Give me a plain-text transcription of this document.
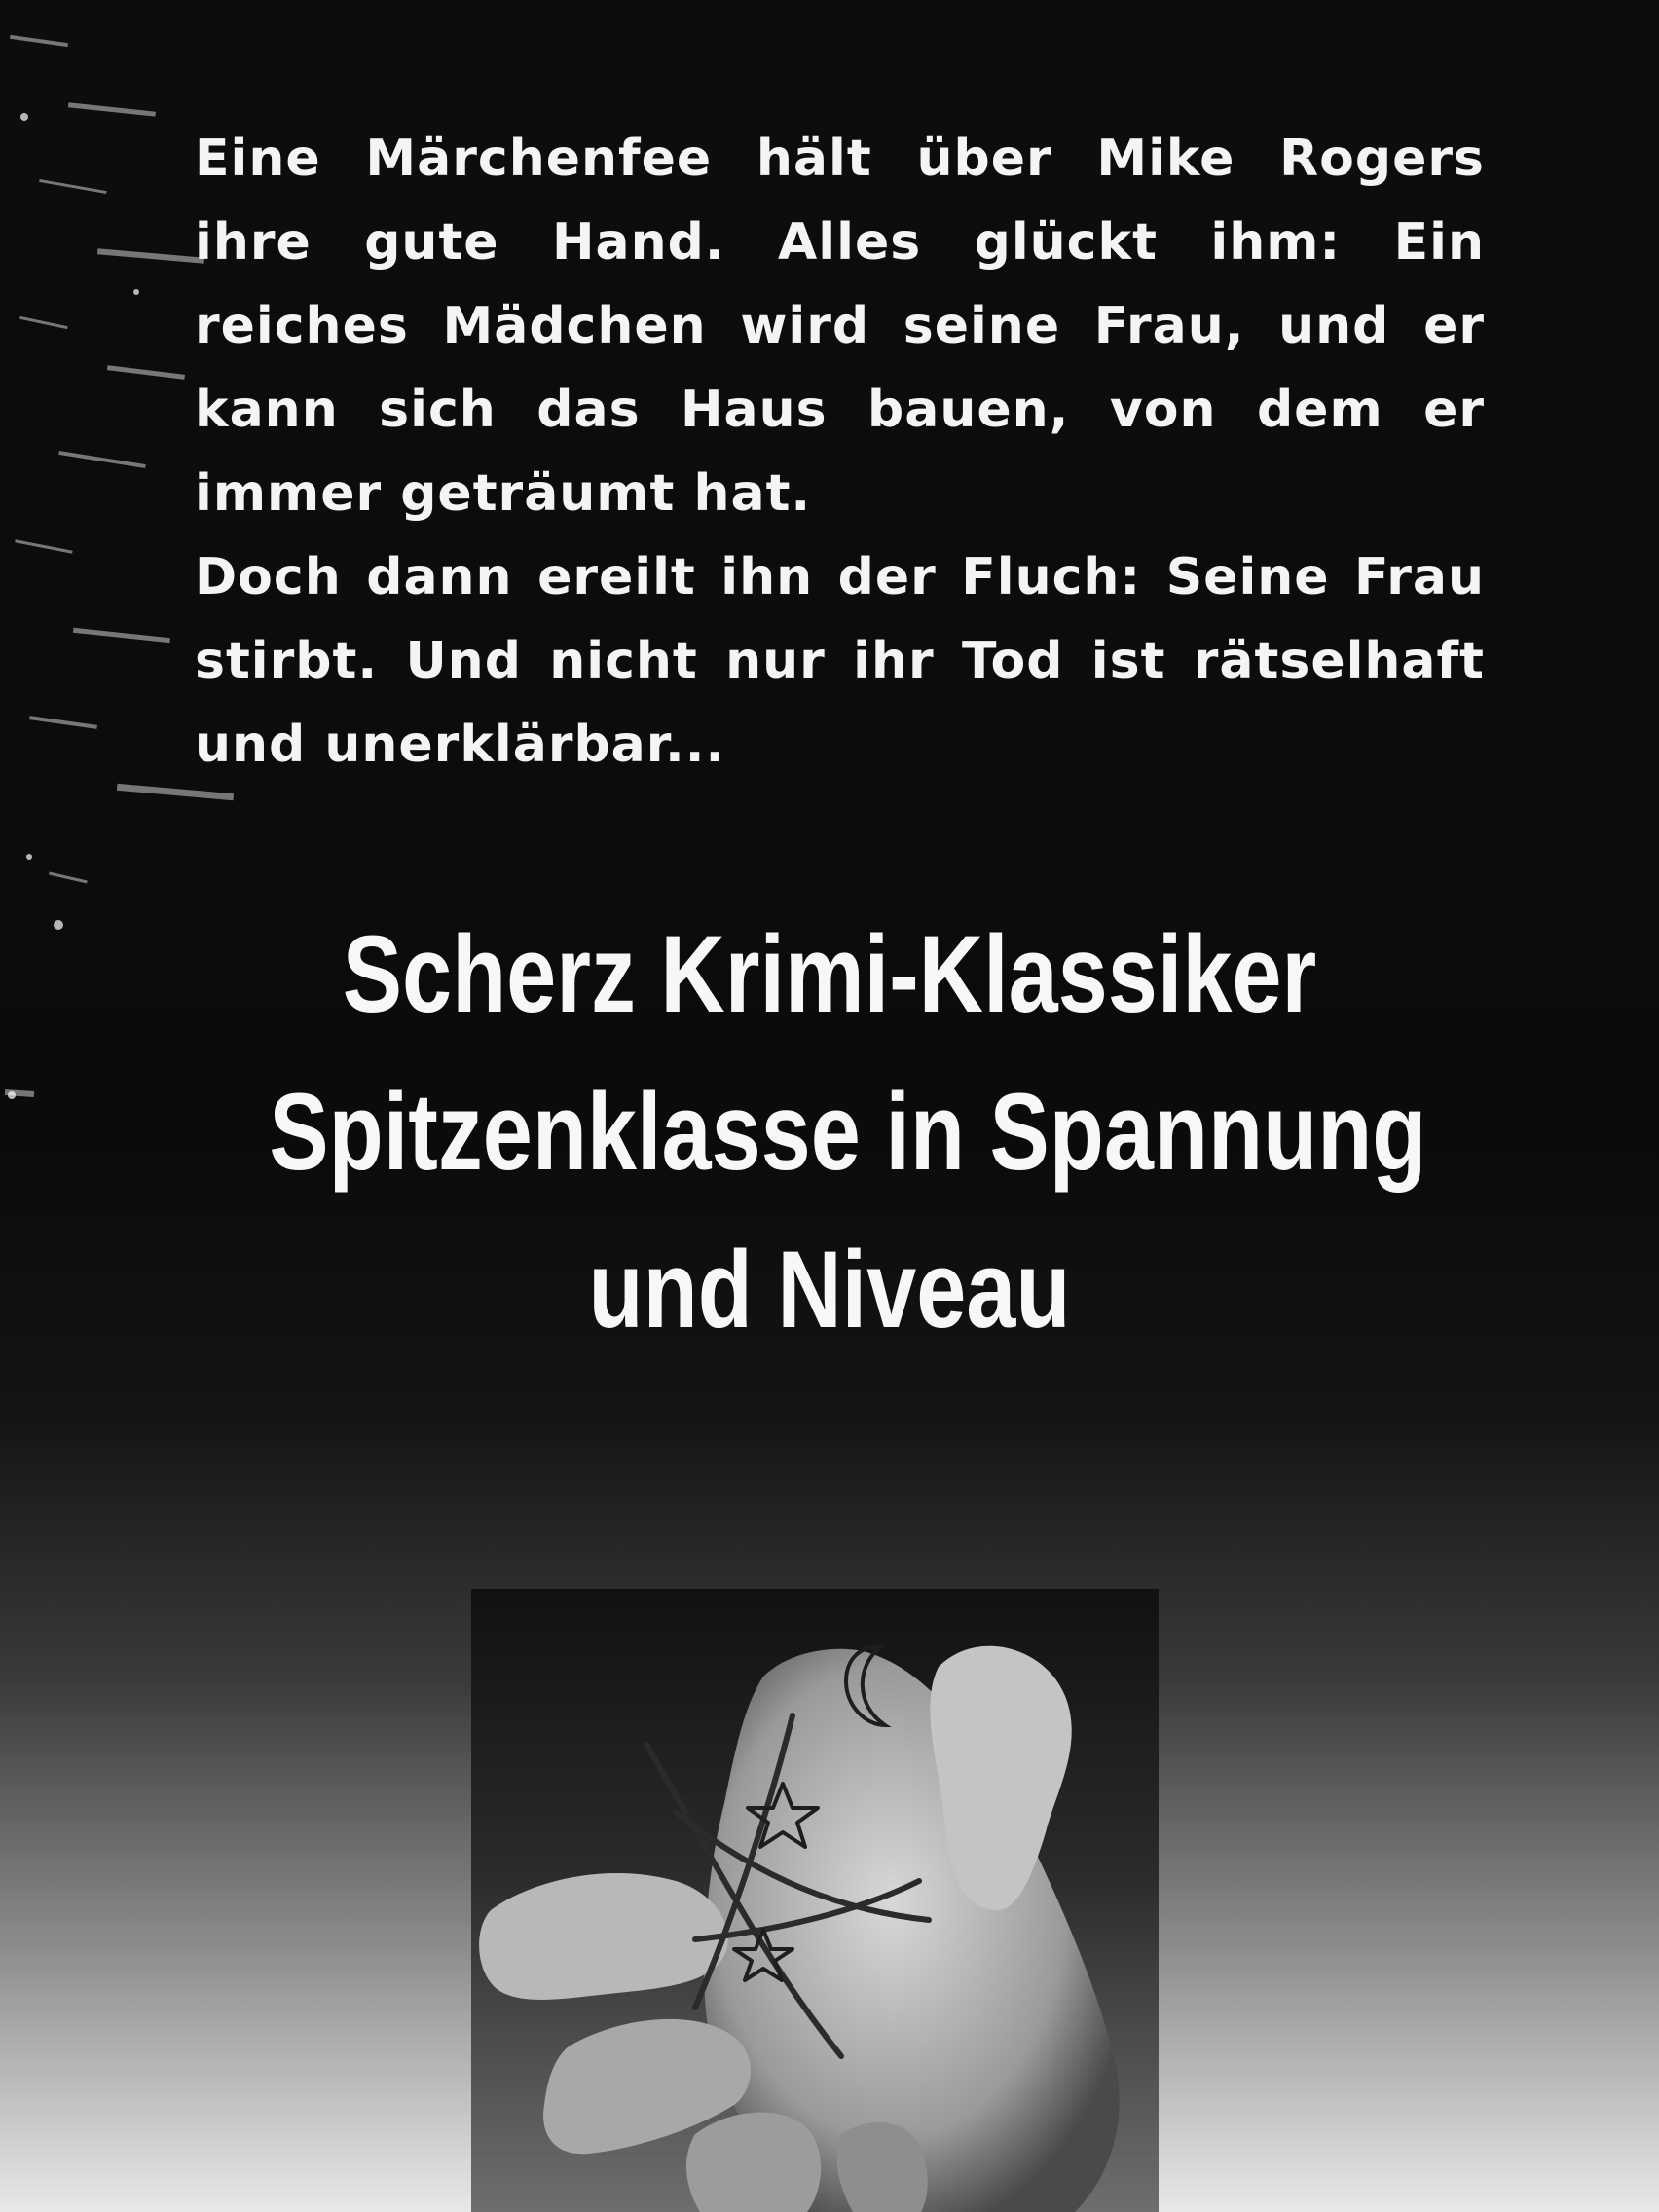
Eine Märchenfee hält über Mike Rogers ihre gute Hand. Alles glückt ihm: Ein reiches Mädchen wird seine Frau, und er kann sich das Haus bauen, von dem er immer geträumt hat.

Doch dann ereilt ihn der Fluch: Seine Frau stirbt. Und nicht nur ihr Tod ist rätselhaft und unerklärbar...

Scherz Krimi-Klassiker
Spitzenklasse in Spannung
und Niveau
